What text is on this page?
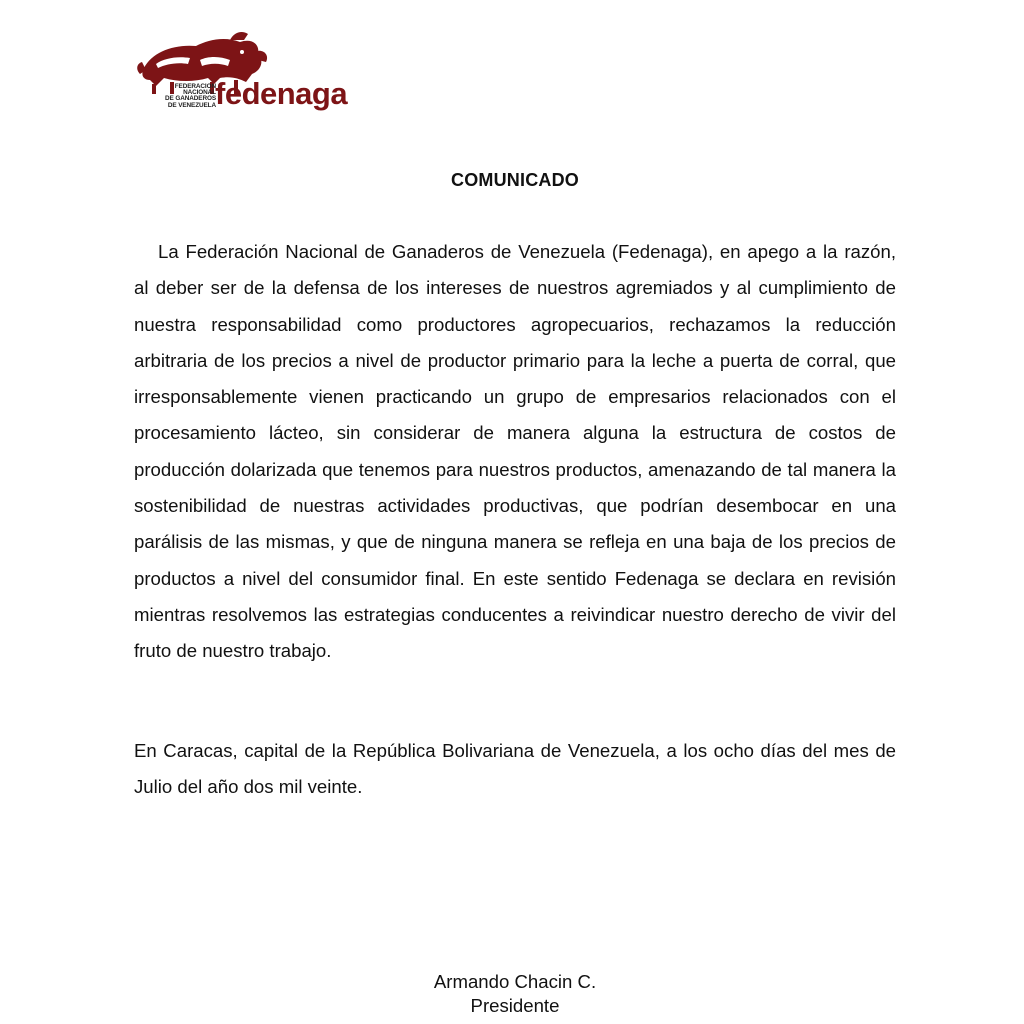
FEDERACION
NACIONAL
DE GANADEROS
DE VENEZUELA fedenaga
COMUNICADO

La Federación Nacional de Ganaderos de Venezuela (Fedenaga), en apego a la razón, al deber ser de la defensa de los intereses de nuestros agremiados y al cumplimiento de nuestra responsabilidad como productores agropecuarios, rechazamos la reducción arbitraria de los precios a nivel de productor primario para la leche a puerta de corral, que irresponsablemente vienen practicando un grupo de empresarios relacionados con el procesamiento lácteo, sin considerar de manera alguna la estructura de costos de producción dolarizada que tenemos para nuestros productos, amenazando de tal manera la sostenibilidad de nuestras actividades productivas, que podrían desembocar en una parálisis de las mismas, y que de ninguna manera se refleja en una baja de los precios de productos a nivel del consumidor final. En este sentido Fedenaga se declara en revisión mientras resolvemos las estrategias conducentes a reivindicar nuestro derecho de vivir del fruto de nuestro trabajo.

En Caracas, capital de la República Bolivariana de Venezuela, a los ocho días del mes de Julio del año dos mil veinte.

Armando Chacin C.
Presidente
